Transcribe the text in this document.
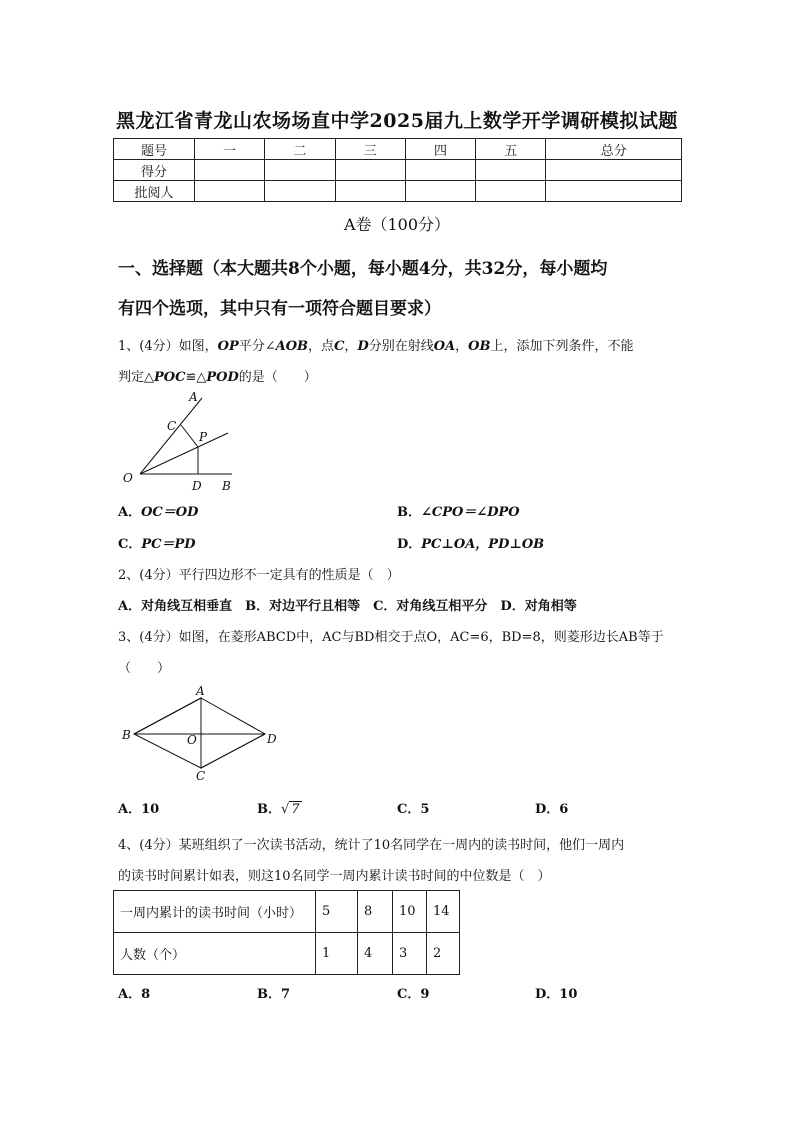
黑龙江省青龙山农场场直中学2025届九上数学开学调研模拟试题
题号	一	二	三	四	五	总分
得分						
批阅人						
A卷（100分）
一、选择题（本大题共8个小题，每小题4分，共32分，每小题均
有四个选项，其中只有一项符合题目要求）
1、(4分）如图，OP平分∠AOB，点C，D分别在射线OA，OB上，添加下列条件，不能
判定△POC≌△POD的是（　　）
A
C
P
O
D B
A．OC＝OD	B．∠CPO＝∠DPO
C．PC＝PD	D．PC⊥OA，PD⊥OB
2、(4分）平行四边形不一定具有的性质是（　）
A．对角线互相垂直　B．对边平行且相等　C．对角线互相平分　D．对角相等
3、(4分）如图，在菱形ABCD中，AC与BD相交于点O，AC=6，BD=8，则菱形边长AB等于
（　　）
A
B	O	D
C
A．10	B．√ 7	C．5	D．6
4、(4分）某班组织了一次读书活动，统计了10名同学在一周内的读书时间，他们一周内
的读书时间累计如表，则这10名同学一周内累计读书时间的中位数是（　）
一周内累计的读书时间（小时）	5	8	10	14
人数（个）	1	4	3	2
A．8	B．7	C．9	D．10
